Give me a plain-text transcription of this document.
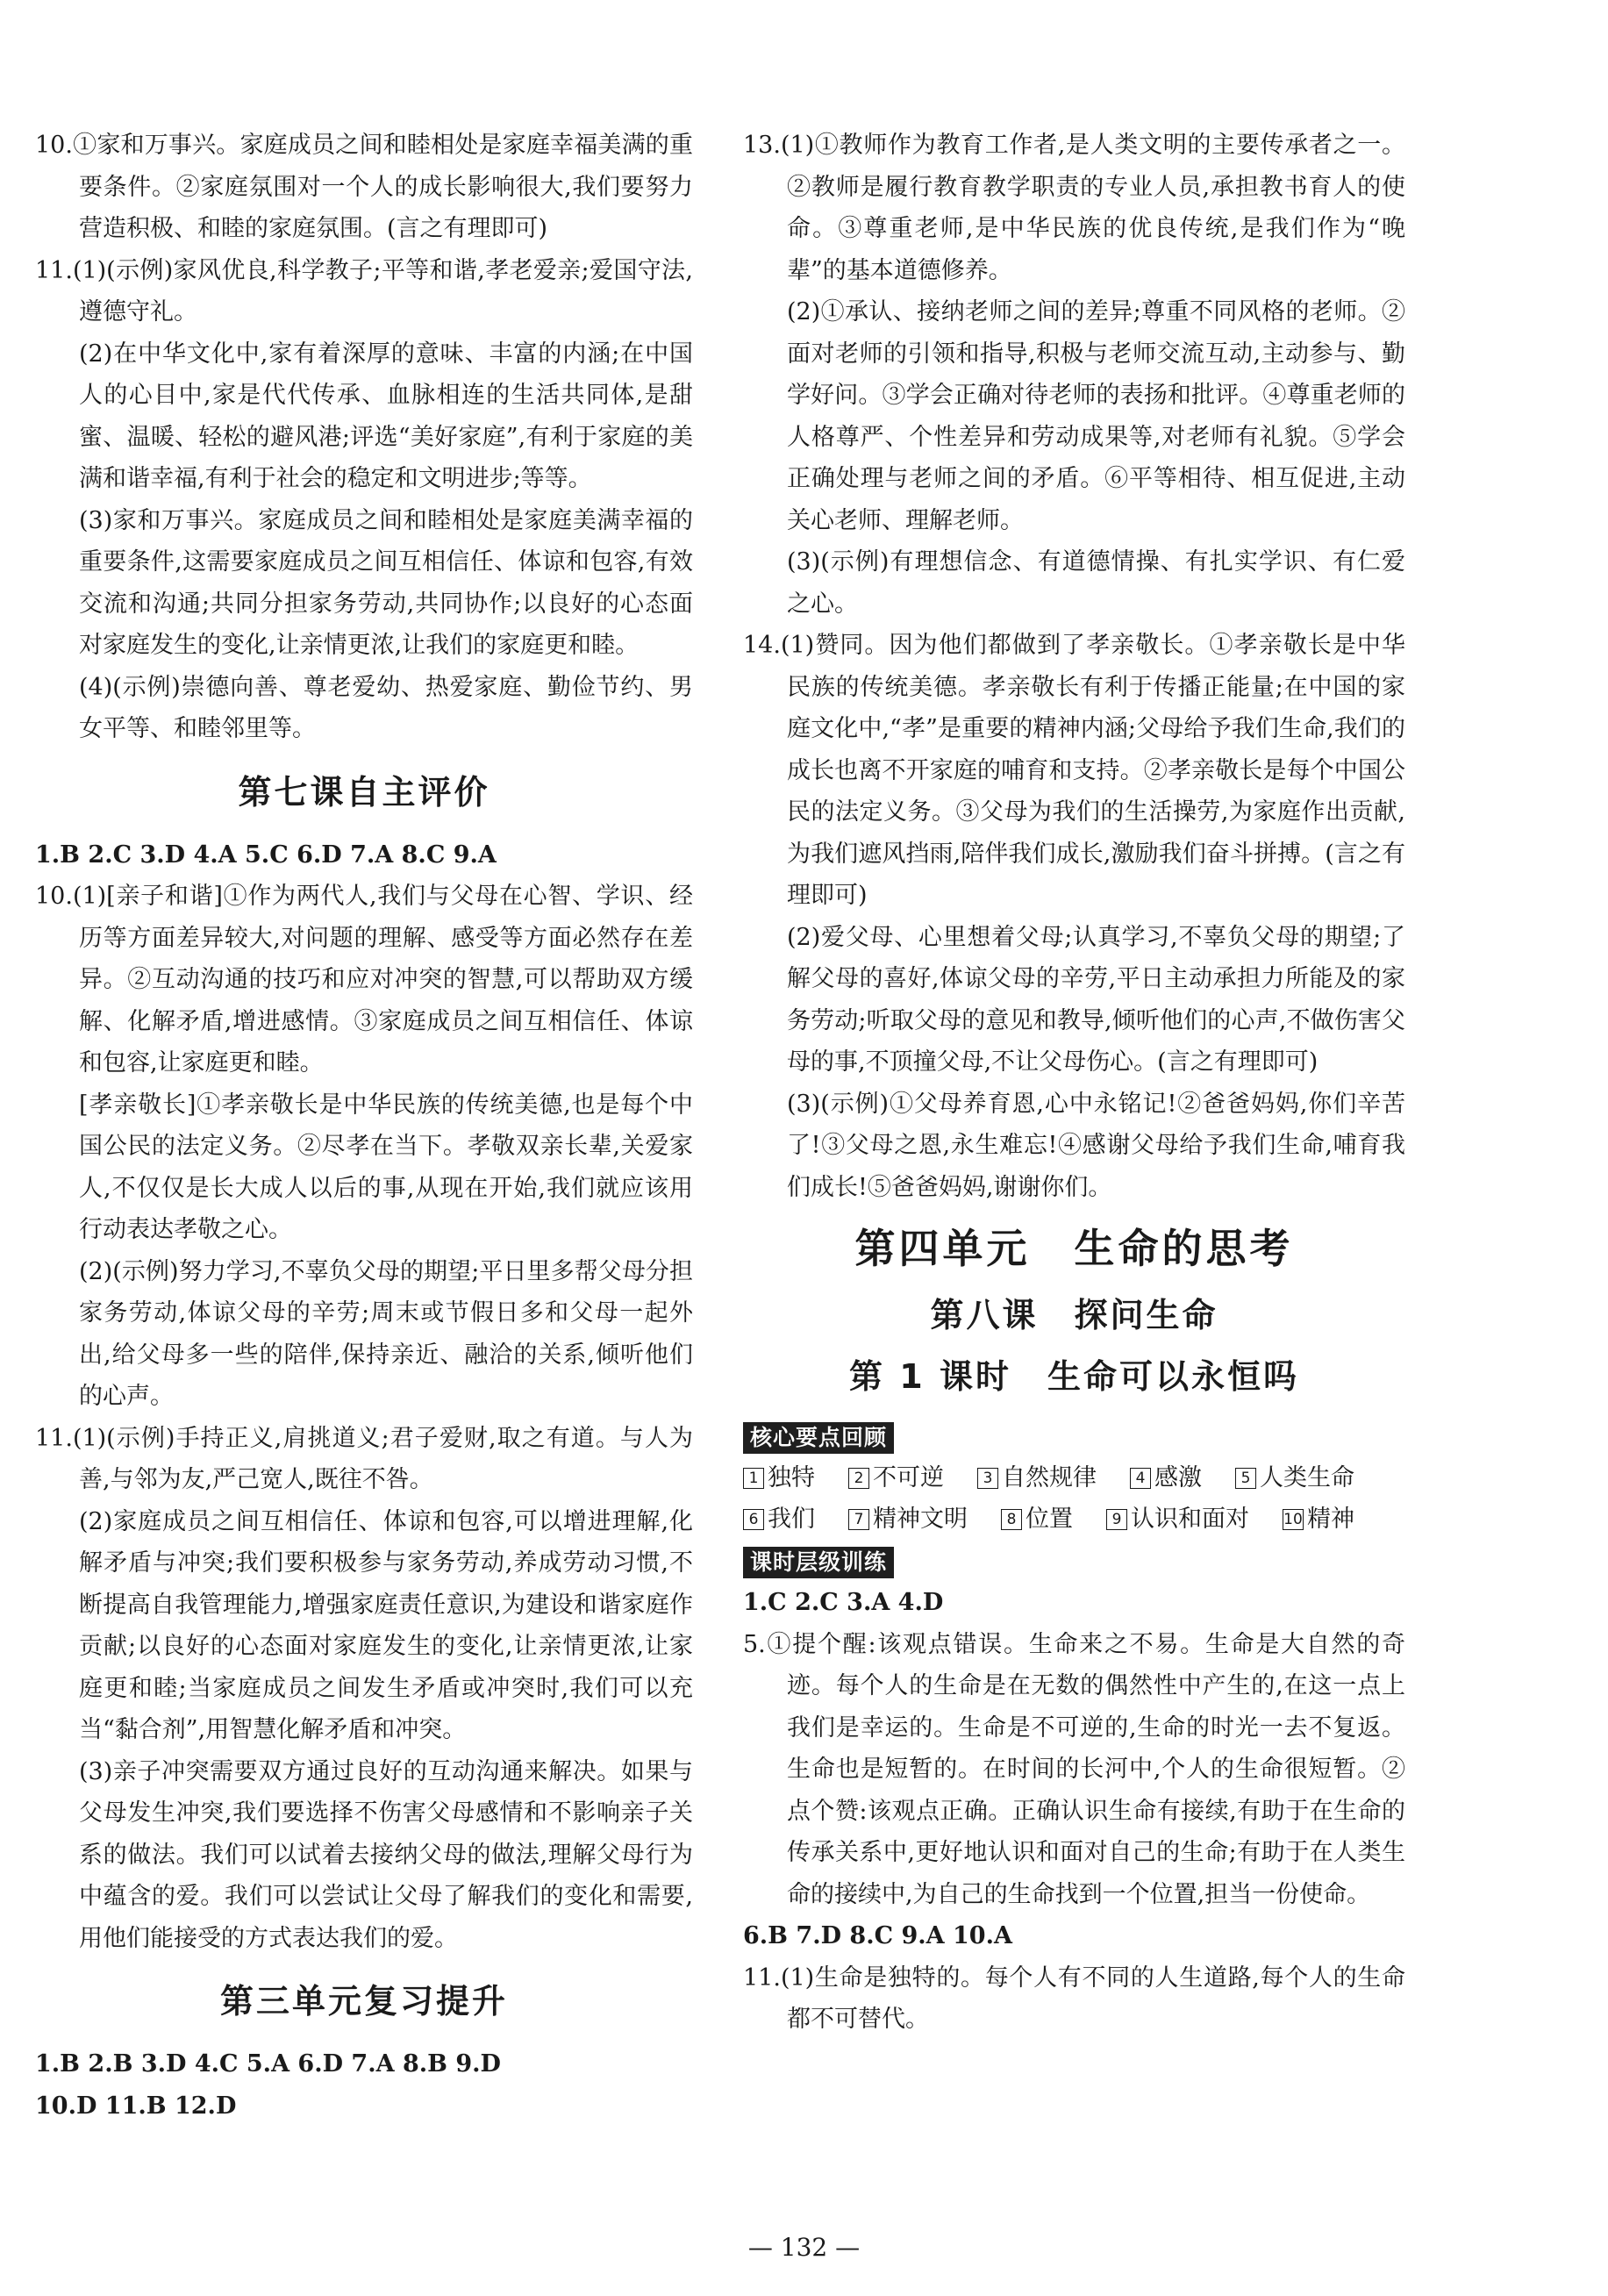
10.①家和万事兴。家庭成员之间和睦相处是家庭幸福美满的重要条件。②家庭氛围对一个人的成长影响很大,我们要努力营造积极、和睦的家庭氛围。(言之有理即可)

11.(1)(示例)家风优良,科学教子;平等和谐,孝老爱亲;爱国守法,遵德守礼。

(2)在中华文化中,家有着深厚的意味、丰富的内涵;在中国人的心目中,家是代代传承、血脉相连的生活共同体,是甜蜜、温暖、轻松的避风港;评选“美好家庭”,有利于家庭的美满和谐幸福,有利于社会的稳定和文明进步;等等。

(3)家和万事兴。家庭成员之间和睦相处是家庭美满幸福的重要条件,这需要家庭成员之间互相信任、体谅和包容,有效交流和沟通;共同分担家务劳动,共同协作;以良好的心态面对家庭发生的变化,让亲情更浓,让我们的家庭更和睦。

(4)(示例)崇德向善、尊老爱幼、热爱家庭、勤俭节约、男女平等、和睦邻里等。

第七课自主评价

1.B 2.C 3.D 4.A 5.C 6.D 7.A 8.C 9.A

10.(1)[亲子和谐]①作为两代人,我们与父母在心智、学识、经历等方面差异较大,对问题的理解、感受等方面必然存在差异。②互动沟通的技巧和应对冲突的智慧,可以帮助双方缓解、化解矛盾,增进感情。③家庭成员之间互相信任、体谅和包容,让家庭更和睦。

[孝亲敬长]①孝亲敬长是中华民族的传统美德,也是每个中国公民的法定义务。②尽孝在当下。孝敬双亲长辈,关爱家人,不仅仅是长大成人以后的事,从现在开始,我们就应该用行动表达孝敬之心。

(2)(示例)努力学习,不辜负父母的期望;平日里多帮父母分担家务劳动,体谅父母的辛劳;周末或节假日多和父母一起外出,给父母多一些的陪伴,保持亲近、融洽的关系,倾听他们的心声。

11.(1)(示例)手持正义,肩挑道义;君子爱财,取之有道。与人为善,与邻为友,严己宽人,既往不咎。

(2)家庭成员之间互相信任、体谅和包容,可以增进理解,化解矛盾与冲突;我们要积极参与家务劳动,养成劳动习惯,不断提高自我管理能力,增强家庭责任意识,为建设和谐家庭作贡献;以良好的心态面对家庭发生的变化,让亲情更浓,让家庭更和睦;当家庭成员之间发生矛盾或冲突时,我们可以充当“黏合剂”,用智慧化解矛盾和冲突。

(3)亲子冲突需要双方通过良好的互动沟通来解决。如果与父母发生冲突,我们要选择不伤害父母感情和不影响亲子关系的做法。我们可以试着去接纳父母的做法,理解父母行为中蕴含的爱。我们可以尝试让父母了解我们的变化和需要,用他们能接受的方式表达我们的爱。

第三单元复习提升

1.B 2.B 3.D 4.C 5.A 6.D 7.A 8.B 9.D

10.D 11.B 12.D

13.(1)①教师作为教育工作者,是人类文明的主要传承者之一。②教师是履行教育教学职责的专业人员,承担教书育人的使命。③尊重老师,是中华民族的优良传统,是我们作为“晚辈”的基本道德修养。

(2)①承认、接纳老师之间的差异;尊重不同风格的老师。②面对老师的引领和指导,积极与老师交流互动,主动参与、勤学好问。③学会正确对待老师的表扬和批评。④尊重老师的人格尊严、个性差异和劳动成果等,对老师有礼貌。⑤学会正确处理与老师之间的矛盾。⑥平等相待、相互促进,主动关心老师、理解老师。

(3)(示例)有理想信念、有道德情操、有扎实学识、有仁爱之心。

14.(1)赞同。因为他们都做到了孝亲敬长。①孝亲敬长是中华民族的传统美德。孝亲敬长有利于传播正能量;在中国的家庭文化中,“孝”是重要的精神内涵;父母给予我们生命,我们的成长也离不开家庭的哺育和支持。②孝亲敬长是每个中国公民的法定义务。③父母为我们的生活操劳,为家庭作出贡献,为我们遮风挡雨,陪伴我们成长,激励我们奋斗拼搏。(言之有理即可)

(2)爱父母、心里想着父母;认真学习,不辜负父母的期望;了解父母的喜好,体谅父母的辛劳,平日主动承担力所能及的家务劳动;听取父母的意见和教导,倾听他们的心声,不做伤害父母的事,不顶撞父母,不让父母伤心。(言之有理即可)

(3)(示例)①父母养育恩,心中永铭记!②爸爸妈妈,你们辛苦了!③父母之恩,永生难忘!④感谢父母给予我们生命,哺育我们成长!⑤爸爸妈妈,谢谢你们。

第四单元　生命的思考
第八课　探问生命
第 1 课时　生命可以永恒吗
核心要点回顾
1 独特	2 不可逆	3 自然规律	4 感激	5 人类生命
6 我们	7 精神文明	8 位置	9 认识和面对 10 精神
课时层级训练

1.C 2.C 3.A 4.D

5.①提个醒:该观点错误。生命来之不易。生命是大自然的奇迹。每个人的生命是在无数的偶然性中产生的,在这一点上我们是幸运的。生命是不可逆的,生命的时光一去不复返。生命也是短暂的。在时间的长河中,个人的生命很短暂。②点个赞:该观点正确。正确认识生命有接续,有助于在生命的传承关系中,更好地认识和面对自己的生命;有助于在人类生命的接续中,为自己的生命找到一个位置,担当一份使命。

6.B 7.D 8.C 9.A 10.A

11.(1)生命是独特的。每个人有不同的人生道路,每个人的生命都不可替代。

— 132 —
